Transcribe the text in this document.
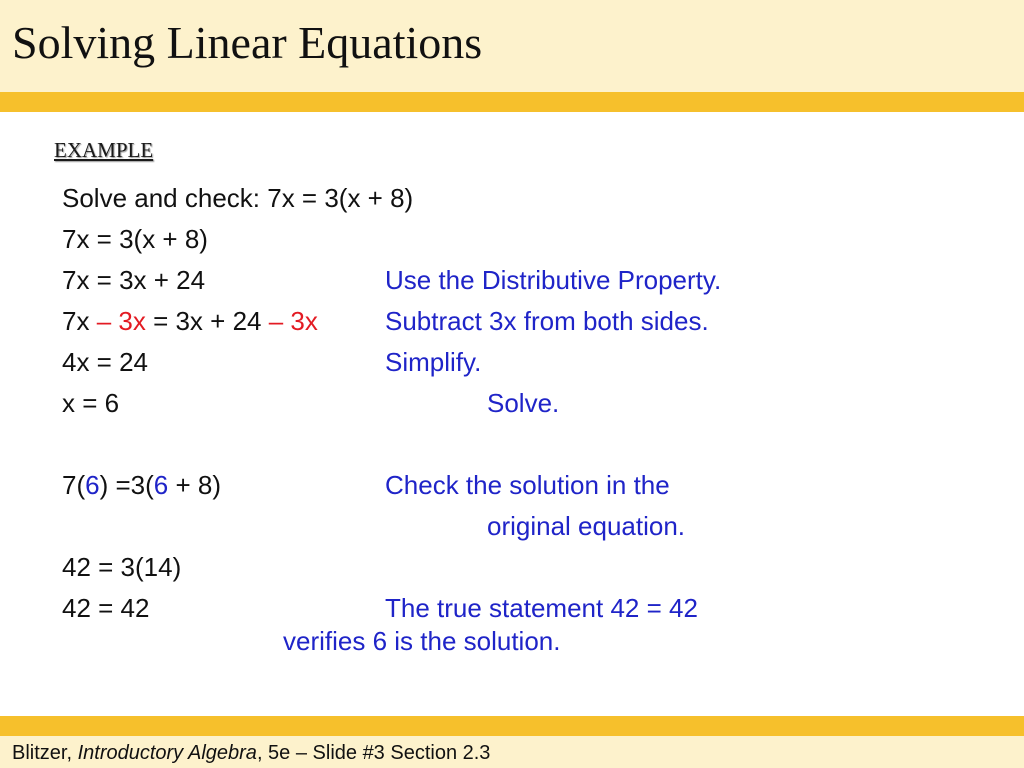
Solving Linear Equations
EXAMPLE
Solve and check: 7x = 3(x + 8)
7x = 3(x + 8)
7x = 3x + 24
7x – 3x = 3x + 24 – 3x
4x = 24
x = 6
7(6) =3(6 + 8)
42 = 3(14)
42 = 42
Use the Distributive Property.
Subtract 3x from both sides.
Simplify.
Solve.
Check the solution in the
original equation.
The true statement 42 = 42
verifies 6 is the solution.
Blitzer, Introductory Algebra, 5e – Slide #3 Section 2.3
